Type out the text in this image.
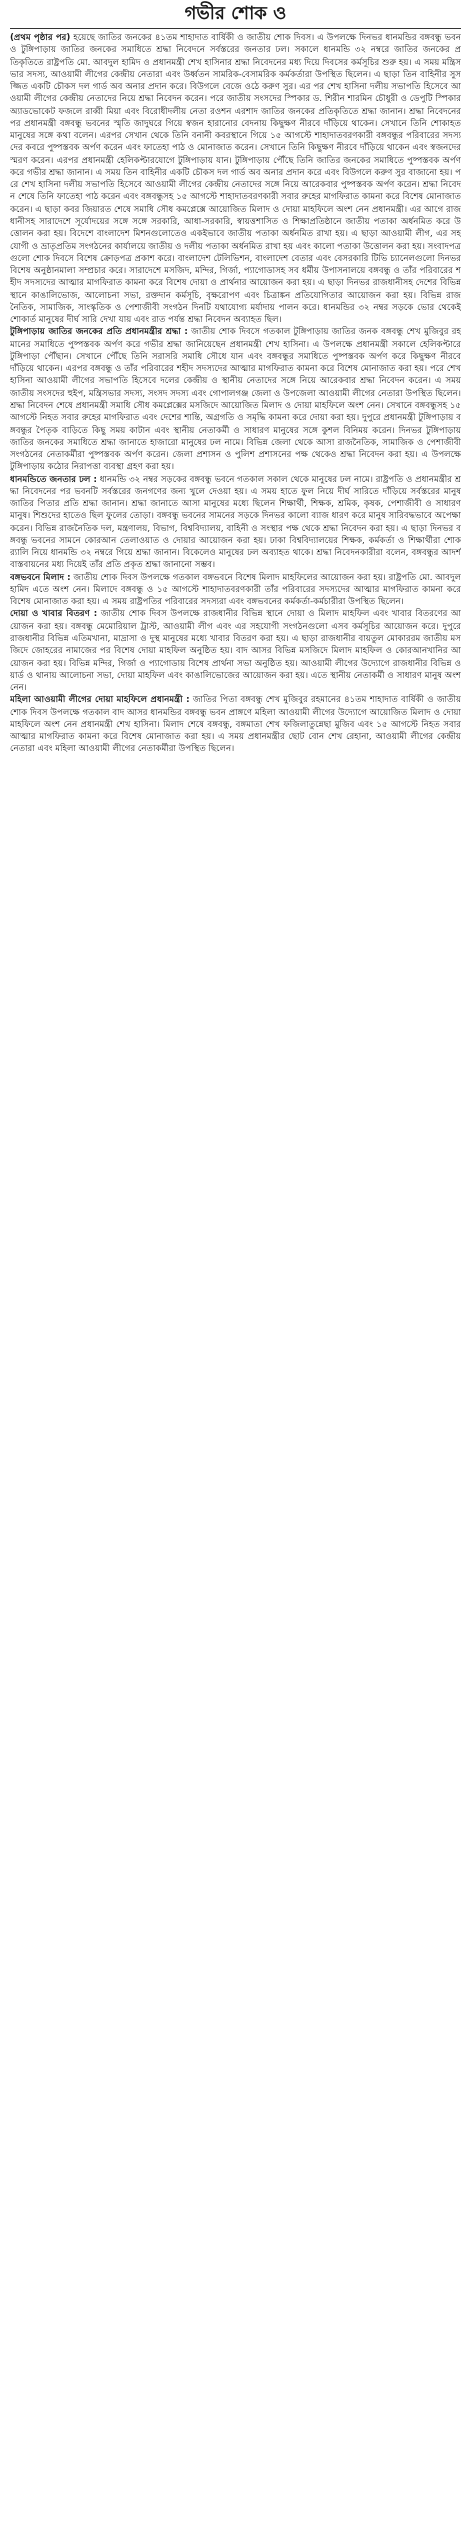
গভীর শোক ও

(প্রথম পৃষ্ঠার পর) হয়েছে জাতির জনকের ৪১তম শাহাদাত বার্ষিকী ও জাতীয় শোক দিবস। এ উপলক্ষে দিনভর ধানমন্ডির বঙ্গবন্ধু ভবন ও টুঙ্গিপাড়ায় জাতির জনকের সমাধিতে শ্রদ্ধা নিবেদনে সর্বস্তরের জনতার ঢল। সকালে ধানমন্ডি ৩২ নম্বরে জাতির জনকের প্রতিকৃতিতে রাষ্ট্রপতি মো. আবদুল হামিদ ও প্রধানমন্ত্রী শেখ হাসিনার শ্রদ্ধা নিবেদনের মধ্য দিয়ে দিবসের কর্মসূচির শুরু হয়। এ সময় মন্ত্রিসভার সদস্য, আওয়ামী লীগের কেন্দ্রীয় নেতারা এবং উর্ধ্বতন সামরিক-বেসামরিক কর্মকর্তারা উপস্থিত ছিলেন। এ ছাড়া তিন বাহিনীর সুসজ্জিত একটি চৌকস দল গার্ড অব অনার প্রদান করে। বিউগলে বেজে ওঠে করুণ সুর। এর পর শেখ হাসিনা দলীয় সভাপতি হিসেবে আওয়ামী লীগের কেন্দ্রীয় নেতাদের নিয়ে শ্রদ্ধা নিবেদন করেন। পরে জাতীয় সংসদের স্পিকার ড. শিরীন শারমিন চৌধুরী ও ডেপুটি স্পিকার অ্যাডভোকেট ফজলে রাব্বী মিয়া এবং বিরোধীদলীয় নেতা রওশন এরশাদ জাতির জনকের প্রতিকৃতিতে শ্রদ্ধা জানান। শ্রদ্ধা নিবেদনের পর প্রধানমন্ত্রী বঙ্গবন্ধু ভবনের স্মৃতি জাদুঘরে গিয়ে স্বজন হারানোর বেদনায় কিছুক্ষণ নীরবে দাঁড়িয়ে থাকেন। সেখানে তিনি শোকাহত মানুষের সঙ্গে কথা বলেন। এরপর সেখান থেকে তিনি বনানী কবরস্থানে গিয়ে ১৫ আগস্টে শাহাদাতবরণকারী বঙ্গবন্ধুর পরিবারের সদস্যদের কবরে পুষ্পস্তবক অর্পণ করেন এবং ফাতেহা পাঠ ও মোনাজাত করেন। সেখানে তিনি কিছুক্ষণ নীরবে দাঁড়িয়ে থাকেন এবং স্বজনদের স্মরণ করেন। এরপর প্রধানমন্ত্রী হেলিকপ্টারযোগে টুঙ্গিপাড়ায় যান। টুঙ্গিপাড়ায় পৌঁছে তিনি জাতির জনকের সমাধিতে পুষ্পস্তবক অর্পণ করে গভীর শ্রদ্ধা জানান। এ সময় তিন বাহিনীর একটি চৌকস দল গার্ড অব অনার প্রদান করে এবং বিউগলে করুণ সুর বাজানো হয়। পরে শেখ হাসিনা দলীয় সভাপতি হিসেবে আওয়ামী লীগের কেন্দ্রীয় নেতাদের সঙ্গে নিয়ে আরেকবার পুষ্পস্তবক অর্পণ করেন। শ্রদ্ধা নিবেদন শেষে তিনি ফাতেহা পাঠ করেন এবং বঙ্গবন্ধুসহ ১৫ আগস্টে শাহাদাতবরণকারী সবার রুহের মাগফিরাত কামনা করে বিশেষ মোনাজাত করেন। এ ছাড়া কবর জিয়ারত শেষে সমাধি সৌধ কমপ্লেক্সে আয়োজিত মিলাদ ও দোয়া মাহফিলে অংশ নেন প্রধানমন্ত্রী। এর আগে রাজধানীসহ সারাদেশে সূর্যোদয়ের সঙ্গে সঙ্গে সরকারি, আধা-সরকারি, স্বায়ত্তশাসিত ও শিক্ষাপ্রতিষ্ঠানে জাতীয় পতাকা অর্ধনমিত করে উত্তোলন করা হয়। বিদেশে বাংলাদেশ মিশনগুলোতেও একইভাবে জাতীয় পতাকা অর্ধনমিত রাখা হয়। এ ছাড়া আওয়ামী লীগ, এর সহযোগী ও ভ্রাতৃপ্রতিম সংগঠনের কার্যালয়ে জাতীয় ও দলীয় পতাকা অর্ধনমিত রাখা হয় এবং কালো পতাকা উত্তোলন করা হয়। সংবাদপত্রগুলো শোক দিবসে বিশেষ ক্রোড়পত্র প্রকাশ করে। বাংলাদেশ টেলিভিশন, বাংলাদেশ বেতার এবং বেসরকারি টিভি চ্যানেলগুলো দিনভর বিশেষ অনুষ্ঠানমালা সম্প্রচার করে। সারাদেশে মসজিদ, মন্দির, গির্জা, প্যাগোডাসহ সব ধর্মীয় উপাসনালয়ে বঙ্গবন্ধু ও তাঁর পরিবারের শহীদ সদস্যদের আত্মার মাগফিরাত কামনা করে বিশেষ দোয়া ও প্রার্থনার আয়োজন করা হয়। এ ছাড়া দিনভর রাজধানীসহ দেশের বিভিন্ন স্থানে কাঙালিভোজ, আলোচনা সভা, রক্তদান কর্মসূচি, বৃক্ষরোপণ এবং চিত্রাঙ্কন প্রতিযোগিতার আয়োজন করা হয়। বিভিন্ন রাজনৈতিক, সামাজিক, সাংস্কৃতিক ও পেশাজীবী সংগঠন দিনটি যথাযোগ্য মর্যাদায় পালন করে। ধানমন্ডির ৩২ নম্বর সড়কে ভোর থেকেই শোকার্ত মানুষের দীর্ঘ সারি দেখা যায় এবং রাত পর্যন্ত শ্রদ্ধা নিবেদন অব্যাহত ছিল।

টুঙ্গিপাড়ায় জাতির জনকের প্রতি প্রধানমন্ত্রীর শ্রদ্ধা : জাতীয় শোক দিবসে গতকাল টুঙ্গিপাড়ায় জাতির জনক বঙ্গবন্ধু শেখ মুজিবুর রহমানের সমাধিতে পুষ্পস্তবক অর্পণ করে গভীর শ্রদ্ধা জানিয়েছেন প্রধানমন্ত্রী শেখ হাসিনা। এ উপলক্ষে প্রধানমন্ত্রী সকালে হেলিকপ্টারে টুঙ্গিপাড়া পৌঁছান। সেখানে পৌঁছে তিনি সরাসরি সমাধি সৌধে যান এবং বঙ্গবন্ধুর সমাধিতে পুষ্পস্তবক অর্পণ করে কিছুক্ষণ নীরবে দাঁড়িয়ে থাকেন। এরপর বঙ্গবন্ধু ও তাঁর পরিবারের শহীদ সদস্যদের আত্মার মাগফিরাত কামনা করে বিশেষ মোনাজাত করা হয়। পরে শেখ হাসিনা আওয়ামী লীগের সভাপতি হিসেবে দলের কেন্দ্রীয় ও স্থানীয় নেতাদের সঙ্গে নিয়ে আরেকবার শ্রদ্ধা নিবেদন করেন। এ সময় জাতীয় সংসদের হুইপ, মন্ত্রিসভার সদস্য, সংসদ সদস্য এবং গোপালগঞ্জ জেলা ও উপজেলা আওয়ামী লীগের নেতারা উপস্থিত ছিলেন। শ্রদ্ধা নিবেদন শেষে প্রধানমন্ত্রী সমাধি সৌধ কমপ্লেক্সের মসজিদে আয়োজিত মিলাদ ও দোয়া মাহফিলে অংশ নেন। সেখানে বঙ্গবন্ধুসহ ১৫ আগস্টে নিহত সবার রুহের মাগফিরাত এবং দেশের শান্তি, অগ্রগতি ও সমৃদ্ধি কামনা করে দোয়া করা হয়। দুপুরে প্রধানমন্ত্রী টুঙ্গিপাড়ায় বঙ্গবন্ধুর পৈতৃক বাড়িতে কিছু সময় কাটান এবং স্থানীয় নেতাকর্মী ও সাধারণ মানুষের সঙ্গে কুশল বিনিময় করেন। দিনভর টুঙ্গিপাড়ায় জাতির জনকের সমাধিতে শ্রদ্ধা জানাতে হাজারো মানুষের ঢল নামে। বিভিন্ন জেলা থেকে আসা রাজনৈতিক, সামাজিক ও পেশাজীবী সংগঠনের নেতাকর্মীরা পুষ্পস্তবক অর্পণ করেন। জেলা প্রশাসন ও পুলিশ প্রশাসনের পক্ষ থেকেও শ্রদ্ধা নিবেদন করা হয়। এ উপলক্ষে টুঙ্গিপাড়ায় কঠোর নিরাপত্তা ব্যবস্থা গ্রহণ করা হয়।

ধানমন্ডিতে জনতার ঢল : ধানমন্ডি ৩২ নম্বর সড়কের বঙ্গবন্ধু ভবনে গতকাল সকাল থেকে মানুষের ঢল নামে। রাষ্ট্রপতি ও প্রধানমন্ত্রীর শ্রদ্ধা নিবেদনের পর ভবনটি সর্বস্তরের জনগণের জন্য খুলে দেওয়া হয়। এ সময় হাতে ফুল নিয়ে দীর্ঘ সারিতে দাঁড়িয়ে সর্বস্তরের মানুষ জাতির পিতার প্রতি শ্রদ্ধা জানান। শ্রদ্ধা জানাতে আসা মানুষের মধ্যে ছিলেন শিক্ষার্থী, শিক্ষক, শ্রমিক, কৃষক, পেশাজীবী ও সাধারণ মানুষ। শিশুদের হাতেও ছিল ফুলের তোড়া। বঙ্গবন্ধু ভবনের সামনের সড়কে দিনভর কালো ব্যাজ ধারণ করে মানুষ সারিবদ্ধভাবে অপেক্ষা করেন। বিভিন্ন রাজনৈতিক দল, মন্ত্রণালয়, বিভাগ, বিশ্ববিদ্যালয়, বাহিনী ও সংস্থার পক্ষ থেকে শ্রদ্ধা নিবেদন করা হয়। এ ছাড়া দিনভর বঙ্গবন্ধু ভবনের সামনে কোরআন তেলাওয়াত ও দোয়ার আয়োজন করা হয়। ঢাকা বিশ্ববিদ্যালয়ের শিক্ষক, কর্মকর্তা ও শিক্ষার্থীরা শোক র‍্যালি নিয়ে ধানমন্ডি ৩২ নম্বরে গিয়ে শ্রদ্ধা জানান। বিকেলেও মানুষের ঢল অব্যাহত থাকে। শ্রদ্ধা নিবেদনকারীরা বলেন, বঙ্গবন্ধুর আদর্শ বাস্তবায়নের মধ্য দিয়েই তাঁর প্রতি প্রকৃত শ্রদ্ধা জানানো সম্ভব।

বঙ্গভবনে মিলাদ : জাতীয় শোক দিবস উপলক্ষে গতকাল বঙ্গভবনে বিশেষ মিলাদ মাহফিলের আয়োজন করা হয়। রাষ্ট্রপতি মো. আবদুল হামিদ এতে অংশ নেন। মিলাদে বঙ্গবন্ধু ও ১৫ আগস্টে শাহাদাতবরণকারী তাঁর পরিবারের সদস্যদের আত্মার মাগফিরাত কামনা করে বিশেষ মোনাজাত করা হয়। এ সময় রাষ্ট্রপতির পরিবারের সদস্যরা এবং বঙ্গভবনের কর্মকর্তা-কর্মচারীরা উপস্থিত ছিলেন।

দোয়া ও খাবার বিতরণ : জাতীয় শোক দিবস উপলক্ষে রাজধানীর বিভিন্ন স্থানে দোয়া ও মিলাদ মাহফিল এবং খাবার বিতরণের আয়োজন করা হয়। বঙ্গবন্ধু মেমোরিয়াল ট্রাস্ট, আওয়ামী লীগ এবং এর সহযোগী সংগঠনগুলো এসব কর্মসূচির আয়োজন করে। দুপুরে রাজধানীর বিভিন্ন এতিমখানা, মাদ্রাসা ও দুস্থ মানুষের মধ্যে খাবার বিতরণ করা হয়। এ ছাড়া রাজধানীর বায়তুল মোকাররম জাতীয় মসজিদে জোহরের নামাজের পর বিশেষ দোয়া মাহফিল অনুষ্ঠিত হয়। বাদ আসর বিভিন্ন মসজিদে মিলাদ মাহফিল ও কোরআনখানির আয়োজন করা হয়। বিভিন্ন মন্দির, গির্জা ও প্যাগোডায় বিশেষ প্রার্থনা সভা অনুষ্ঠিত হয়। আওয়ামী লীগের উদ্যোগে রাজধানীর বিভিন্ন ওয়ার্ড ও থানায় আলোচনা সভা, দোয়া মাহফিল এবং কাঙালিভোজের আয়োজন করা হয়। এতে স্থানীয় নেতাকর্মী ও সাধারণ মানুষ অংশ নেন।

মহিলা আওয়ামী লীগের দোয়া মাহফিলে প্রধানমন্ত্রী : জাতির পিতা বঙ্গবন্ধু শেখ মুজিবুর রহমানের ৪১তম শাহাদাত বার্ষিকী ও জাতীয় শোক দিবস উপলক্ষে গতকাল বাদ আসর ধানমন্ডির বঙ্গবন্ধু ভবন প্রাঙ্গণে মহিলা আওয়ামী লীগের উদ্যোগে আয়োজিত মিলাদ ও দোয়া মাহফিলে অংশ নেন প্রধানমন্ত্রী শেখ হাসিনা। মিলাদ শেষে বঙ্গবন্ধু, বঙ্গমাতা শেখ ফজিলাতুন্নেছা মুজিব এবং ১৫ আগস্টে নিহত সবার আত্মার মাগফিরাত কামনা করে বিশেষ মোনাজাত করা হয়। এ সময় প্রধানমন্ত্রীর ছোট বোন শেখ রেহানা, আওয়ামী লীগের কেন্দ্রীয় নেতারা এবং মহিলা আওয়ামী লীগের নেতাকর্মীরা উপস্থিত ছিলেন।
